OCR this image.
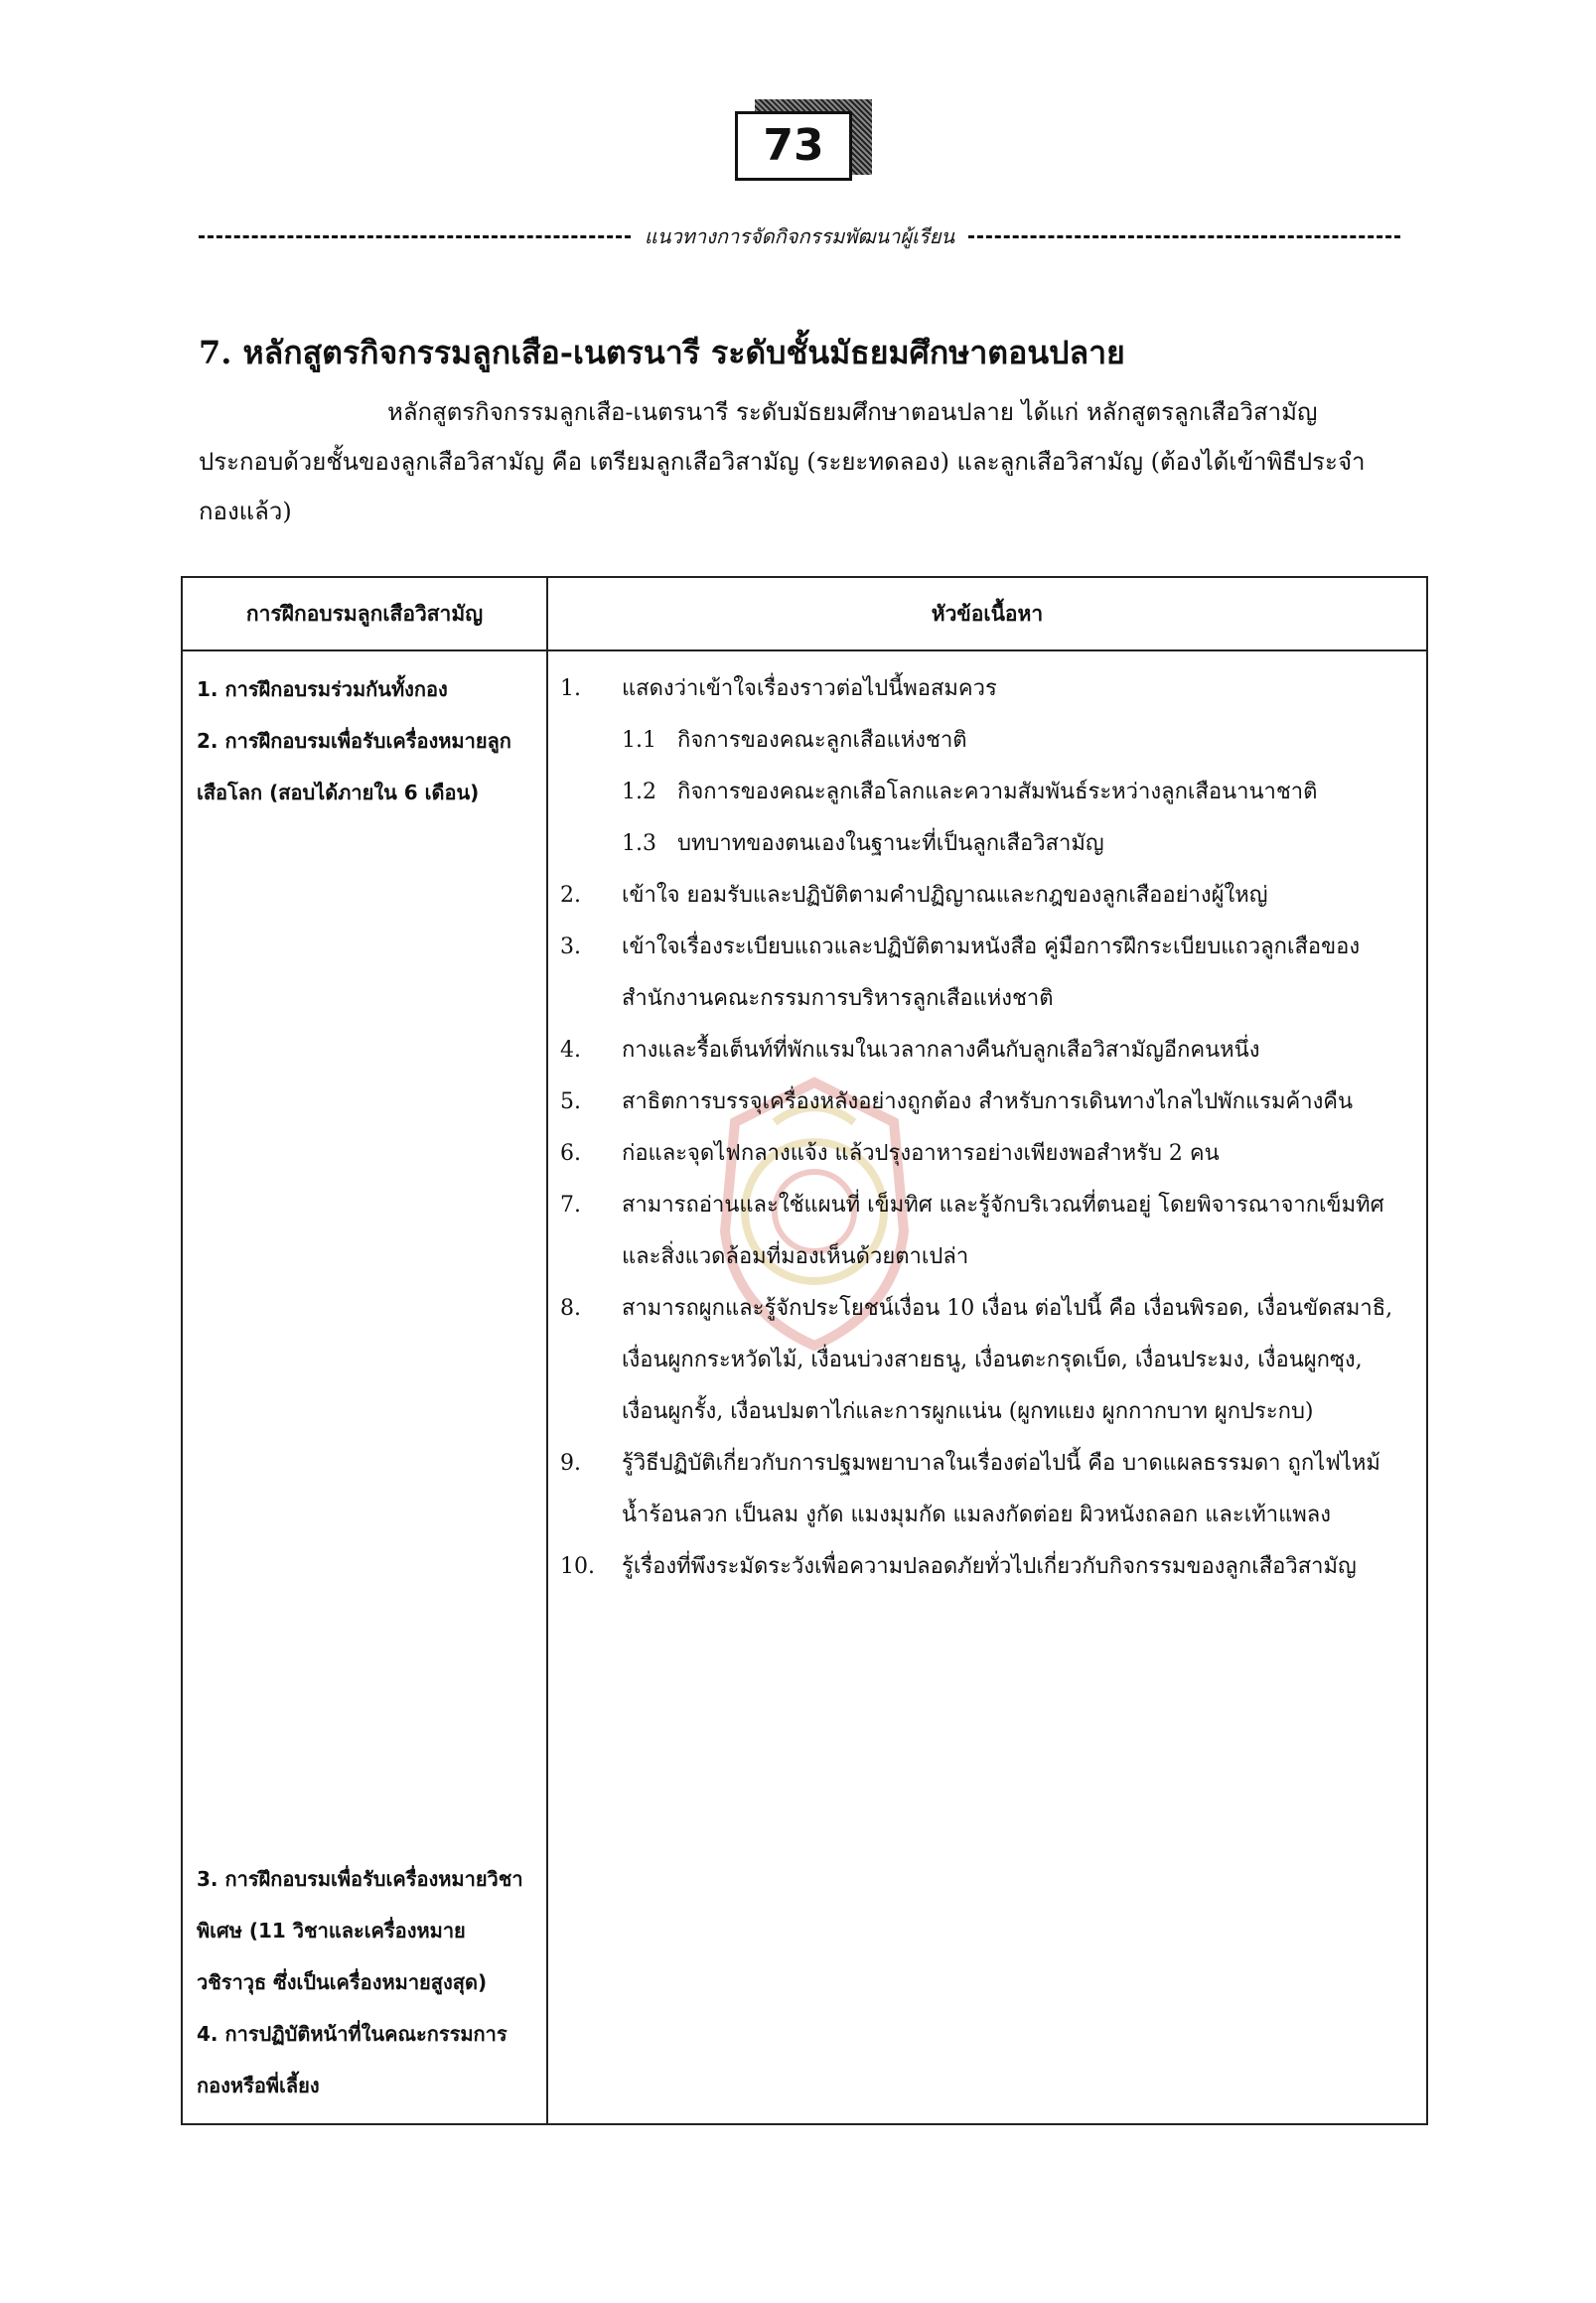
73
แนวทางการจัดกิจกรรมพัฒนาผู้เรียน
7. หลักสูตรกิจกรรมลูกเสือ-เนตรนารี ระดับชั้นมัธยมศึกษาตอนปลาย

หลักสูตรกิจกรรมลูกเสือ-เนตรนารี ระดับมัธยมศึกษาตอนปลาย ได้แก่ หลักสูตรลูกเสือวิสามัญ ประกอบด้วยชั้นของลูกเสือวิสามัญ คือ เตรียมลูกเสือวิสามัญ (ระยะทดลอง) และลูกเสือวิสามัญ (ต้องได้เข้าพิธีประจำกองแล้ว)

การฝึกอบรมลูกเสือวิสามัญ	หัวข้อเนื้อหา

1. การฝึกอบรมร่วมกันทั้งกอง

2. การฝึกอบรมเพื่อรับเครื่องหมายลูกเสือโลก (สอบได้ภายใน 6 เดือน)

3. การฝึกอบรมเพื่อรับเครื่องหมายวิชาพิเศษ (11 วิชาและเครื่องหมายวชิราวุธ ซึ่งเป็นเครื่องหมายสูงสุด)

4. การปฏิบัติหน้าที่ในคณะกรรมการกองหรือพี่เลี้ยง

1. แสดงว่าเข้าใจเรื่องราวต่อไปนี้พอสมควร
1.1 กิจการของคณะลูกเสือแห่งชาติ
1.2 กิจการของคณะลูกเสือโลกและความสัมพันธ์ระหว่างลูกเสือนานาชาติ
1.3 บทบาทของตนเองในฐานะที่เป็นลูกเสือวิสามัญ
2. เข้าใจ ยอมรับและปฏิบัติตามคำปฏิญาณและกฎของลูกเสืออย่างผู้ใหญ่
3. เข้าใจเรื่องระเบียบแถวและปฏิบัติตามหนังสือ คู่มือการฝึกระเบียบแถวลูกเสือของสำนักงานคณะกรรมการบริหารลูกเสือแห่งชาติ
4. กางและรื้อเต็นท์ที่พักแรมในเวลากลางคืนกับลูกเสือวิสามัญอีกคนหนึ่ง
5. สาธิตการบรรจุเครื่องหลังอย่างถูกต้อง สำหรับการเดินทางไกลไปพักแรมค้างคืน
6. ก่อและจุดไฟกลางแจ้ง แล้วปรุงอาหารอย่างเพียงพอสำหรับ 2 คน
7. สามารถอ่านและใช้แผนที่ เข็มทิศ และรู้จักบริเวณที่ตนอยู่ โดยพิจารณาจากเข็มทิศและสิ่งแวดล้อมที่มองเห็นด้วยตาเปล่า
8. สามารถผูกและรู้จักประโยชน์เงื่อน 10 เงื่อน ต่อไปนี้ คือ เงื่อนพิรอด, เงื่อนขัดสมาธิ, เงื่อนผูกกระหวัดไม้, เงื่อนบ่วงสายธนู, เงื่อนตะกรุดเบ็ด, เงื่อนประมง, เงื่อนผูกซุง, เงื่อนผูกรั้ง, เงื่อนปมตาไก่และการผูกแน่น (ผูกทแยง ผูกกากบาท ผูกประกบ)
9. รู้วิธีปฏิบัติเกี่ยวกับการปฐมพยาบาลในเรื่องต่อไปนี้ คือ บาดแผลธรรมดา ถูกไฟไหม้ น้ำร้อนลวก เป็นลม งูกัด แมงมุมกัด แมลงกัดต่อย ผิวหนังถลอก และเท้าแพลง
10. รู้เรื่องที่พึงระมัดระวังเพื่อความปลอดภัยทั่วไปเกี่ยวกับกิจกรรมของลูกเสือวิสามัญ
